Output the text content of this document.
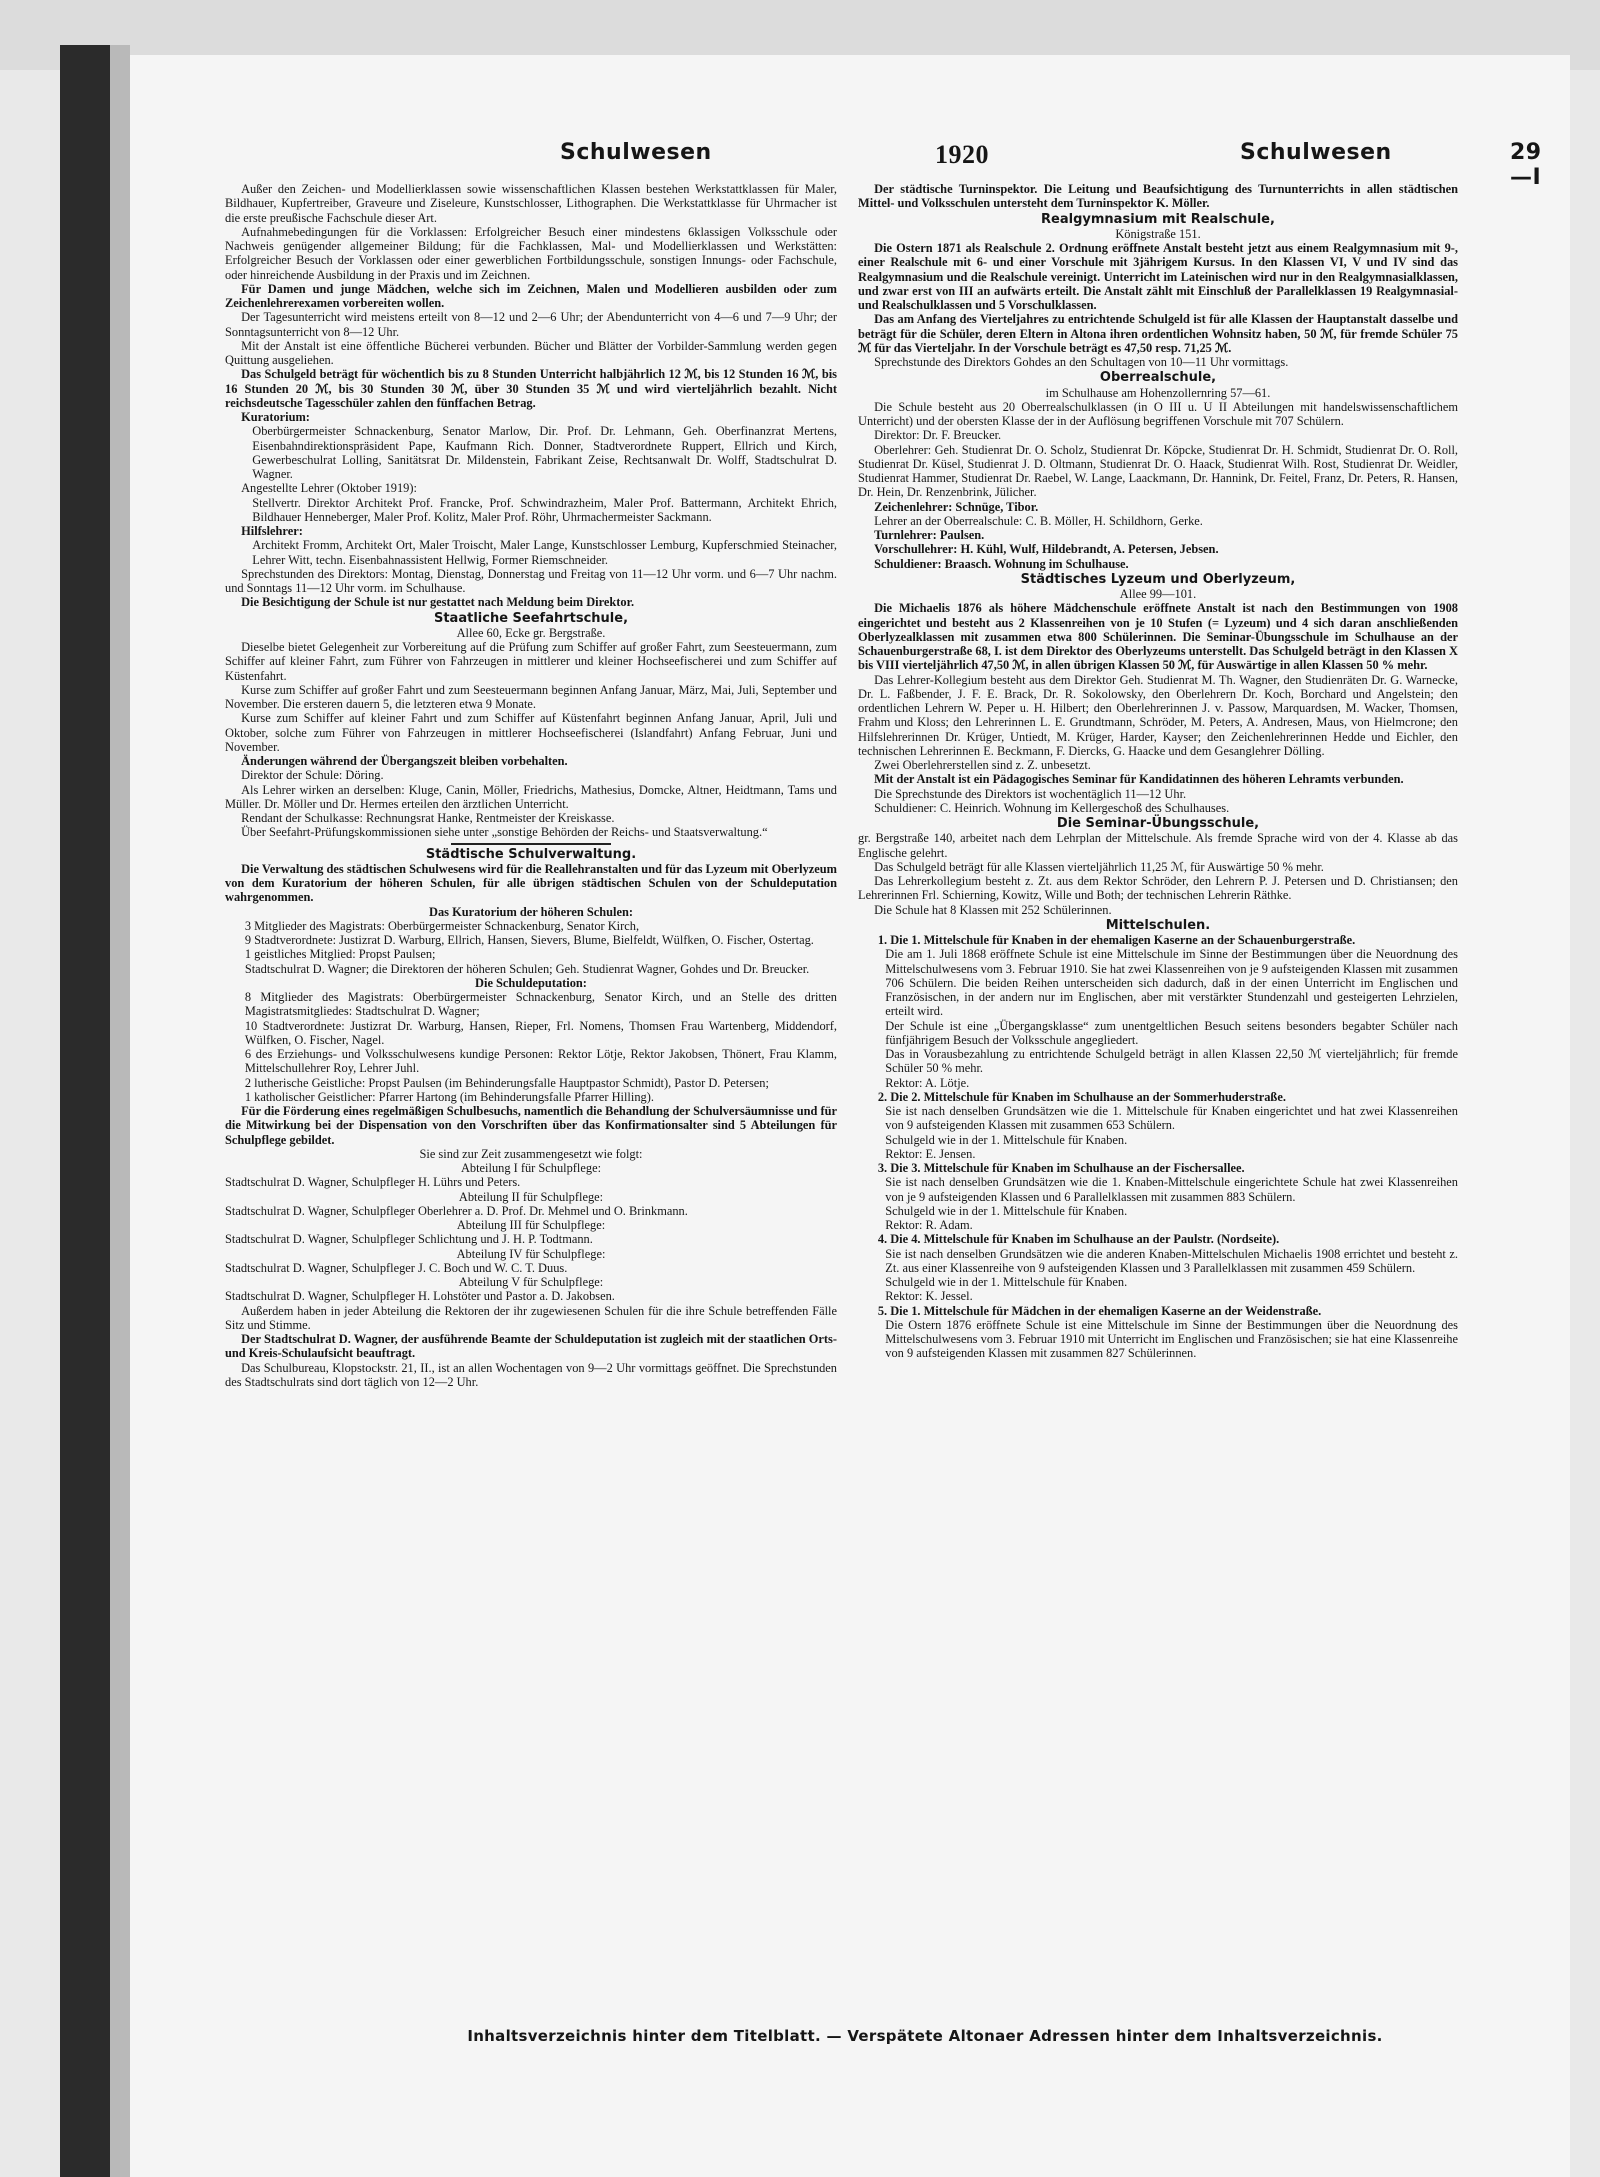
Schulwesen	1920	Schulwesen	29—I

Außer den Zeichen- und Modellierklassen sowie wissenschaftlichen Klassen bestehen Werkstattklassen für Maler, Bildhauer, Kupfertreiber, Graveure und Ziseleure, Kunstschlosser, Lithographen. Die Werkstattklasse für Uhrmacher ist die erste preußische Fachschule dieser Art.

Aufnahmebedingungen für die Vorklassen: Erfolgreicher Besuch einer mindestens 6klassigen Volksschule oder Nachweis genügender allgemeiner Bildung; für die Fachklassen, Mal- und Modellierklassen und Werkstätten: Erfolgreicher Besuch der Vorklassen oder einer gewerblichen Fortbildungsschule, sonstigen Innungs- oder Fachschule, oder hinreichende Ausbildung in der Praxis und im Zeichnen.

Für Damen und junge Mädchen, welche sich im Zeichnen, Malen und Modellieren ausbilden oder zum Zeichenlehrerexamen vorbereiten wollen.

Der Tagesunterricht wird meistens erteilt von 8—12 und 2—6 Uhr; der Abendunterricht von 4—6 und 7—9 Uhr; der Sonntagsunterricht von 8—12 Uhr.

Mit der Anstalt ist eine öffentliche Bücherei verbunden. Bücher und Blätter der Vorbilder-Sammlung werden gegen Quittung ausgeliehen.

Das Schulgeld beträgt für wöchentlich bis zu 8 Stunden Unterricht halbjährlich 12 ℳ, bis 12 Stunden 16 ℳ, bis 16 Stunden 20 ℳ, bis 30 Stunden 30 ℳ, über 30 Stunden 35 ℳ und wird vierteljährlich bezahlt. Nicht reichsdeutsche Tagesschüler zahlen den fünffachen Betrag.

Kuratorium:

Oberbürgermeister Schnackenburg, Senator Marlow, Dir. Prof. Dr. Lehmann, Geh. Oberfinanzrat Mertens, Eisenbahndirektionspräsident Pape, Kaufmann Rich. Donner, Stadtverordnete Ruppert, Ellrich und Kirch, Gewerbeschulrat Lolling, Sanitätsrat Dr. Mildenstein, Fabrikant Zeise, Rechtsanwalt Dr. Wolff, Stadtschulrat D. Wagner.

Angestellte Lehrer (Oktober 1919):

Stellvertr. Direktor Architekt Prof. Francke, Prof. Schwindrazheim, Maler Prof. Battermann, Architekt Ehrich, Bildhauer Henneberger, Maler Prof. Kolitz, Maler Prof. Röhr, Uhrmachermeister Sackmann.

Hilfslehrer:

Architekt Fromm, Architekt Ort, Maler Troischt, Maler Lange, Kunstschlosser Lemburg, Kupferschmied Steinacher, Lehrer Witt, techn. Eisenbahnassistent Hellwig, Former Riemschneider.

Sprechstunden des Direktors: Montag, Dienstag, Donnerstag und Freitag von 11—12 Uhr vorm. und 6—7 Uhr nachm. und Sonntags 11—12 Uhr vorm. im Schulhause.

Die Besichtigung der Schule ist nur gestattet nach Meldung beim Direktor.

Staatliche Seefahrtschule,

Allee 60, Ecke gr. Bergstraße.

Dieselbe bietet Gelegenheit zur Vorbereitung auf die Prüfung zum Schiffer auf großer Fahrt, zum Seesteuermann, zum Schiffer auf kleiner Fahrt, zum Führer von Fahrzeugen in mittlerer und kleiner Hochseefischerei und zum Schiffer auf Küstenfahrt.

Kurse zum Schiffer auf großer Fahrt und zum Seesteuermann beginnen Anfang Januar, März, Mai, Juli, September und November. Die ersteren dauern 5, die letzteren etwa 9 Monate.

Kurse zum Schiffer auf kleiner Fahrt und zum Schiffer auf Küstenfahrt beginnen Anfang Januar, April, Juli und Oktober, solche zum Führer von Fahrzeugen in mittlerer Hochseefischerei (Islandfahrt) Anfang Februar, Juni und November.

Änderungen während der Übergangszeit bleiben vorbehalten.

Direktor der Schule: Döring.

Als Lehrer wirken an derselben: Kluge, Canin, Möller, Friedrichs, Mathesius, Domcke, Altner, Heidtmann, Tams und Müller. Dr. Möller und Dr. Hermes erteilen den ärztlichen Unterricht.

Rendant der Schulkasse: Rechnungsrat Hanke, Rentmeister der Kreiskasse.

Über Seefahrt-Prüfungskommissionen siehe unter „sonstige Behörden der Reichs- und Staatsverwaltung.“

Städtische Schulverwaltung.

Die Verwaltung des städtischen Schulwesens wird für die Reallehranstalten und für das Lyzeum mit Oberlyzeum von dem Kuratorium der höheren Schulen, für alle übrigen städtischen Schulen von der Schuldeputation wahrgenommen.

Das Kuratorium der höheren Schulen:

3 Mitglieder des Magistrats: Oberbürgermeister Schnackenburg, Senator Kirch,

9 Stadtverordnete: Justizrat D. Warburg, Ellrich, Hansen, Sievers, Blume, Bielfeldt, Wülfken, O. Fischer, Ostertag.

1 geistliches Mitglied: Propst Paulsen;

Stadtschulrat D. Wagner; die Direktoren der höheren Schulen; Geh. Studienrat Wagner, Gohdes und Dr. Breucker.

Die Schuldeputation:

8 Mitglieder des Magistrats: Oberbürgermeister Schnackenburg, Senator Kirch, und an Stelle des dritten Magistratsmitgliedes: Stadtschulrat D. Wagner;

10 Stadtverordnete: Justizrat Dr. Warburg, Hansen, Rieper, Frl. Nomens, Thomsen Frau Wartenberg, Middendorf, Wülfken, O. Fischer, Nagel.

6 des Erziehungs- und Volksschulwesens kundige Personen: Rektor Lötje, Rektor Jakobsen, Thönert, Frau Klamm, Mittelschullehrer Roy, Lehrer Juhl.

2 lutherische Geistliche: Propst Paulsen (im Behinderungsfalle Hauptpastor Schmidt), Pastor D. Petersen;

1 katholischer Geistlicher: Pfarrer Hartong (im Behinderungsfalle Pfarrer Hilling).

Für die Förderung eines regelmäßigen Schulbesuchs, namentlich die Behandlung der Schulversäumnisse und für die Mitwirkung bei der Dispensation von den Vorschriften über das Konfirmationsalter sind 5 Abteilungen für Schulpflege gebildet.

Sie sind zur Zeit zusammengesetzt wie folgt:

Abteilung I für Schulpflege:

Stadtschulrat D. Wagner, Schulpfleger H. Lührs und Peters.

Abteilung II für Schulpflege:

Stadtschulrat D. Wagner, Schulpfleger Oberlehrer a. D. Prof. Dr. Mehmel und O. Brinkmann.

Abteilung III für Schulpflege:

Stadtschulrat D. Wagner, Schulpfleger Schlichtung und J. H. P. Todtmann.

Abteilung IV für Schulpflege:

Stadtschulrat D. Wagner, Schulpfleger J. C. Boch und W. C. T. Duus.

Abteilung V für Schulpflege:

Stadtschulrat D. Wagner, Schulpfleger H. Lohstöter und Pastor a. D. Jakobsen.

Außerdem haben in jeder Abteilung die Rektoren der ihr zugewiesenen Schulen für die ihre Schule betreffenden Fälle Sitz und Stimme.

Der Stadtschulrat D. Wagner, der ausführende Beamte der Schuldeputation ist zugleich mit der staatlichen Orts- und Kreis-Schulaufsicht beauftragt.

Das Schulbureau, Klopstockstr. 21, II., ist an allen Wochentagen von 9—2 Uhr vormittags geöffnet. Die Sprechstunden des Stadtschulrats sind dort täglich von 12—2 Uhr.

Der städtische Turninspektor. Die Leitung und Beaufsichtigung des Turnunterrichts in allen städtischen Mittel- und Volksschulen untersteht dem Turninspektor K. Möller.

Realgymnasium mit Realschule,

Königstraße 151.

Die Ostern 1871 als Realschule 2. Ordnung eröffnete Anstalt besteht jetzt aus einem Realgymnasium mit 9-, einer Realschule mit 6- und einer Vorschule mit 3jährigem Kursus. In den Klassen VI, V und IV sind das Realgymnasium und die Realschule vereinigt. Unterricht im Lateinischen wird nur in den Realgymnasialklassen, und zwar erst von III an aufwärts erteilt. Die Anstalt zählt mit Einschluß der Parallelklassen 19 Realgymnasial- und Realschulklassen und 5 Vorschulklassen.

Das am Anfang des Vierteljahres zu entrichtende Schulgeld ist für alle Klassen der Hauptanstalt dasselbe und beträgt für die Schüler, deren Eltern in Altona ihren ordentlichen Wohnsitz haben, 50 ℳ, für fremde Schüler 75 ℳ für das Vierteljahr. In der Vorschule beträgt es 47,50 resp. 71,25 ℳ.

Sprechstunde des Direktors Gohdes an den Schultagen von 10—11 Uhr vormittags.

Oberrealschule,

im Schulhause am Hohenzollernring 57—61.

Die Schule besteht aus 20 Oberrealschulklassen (in O III u. U II Abteilungen mit handelswissenschaftlichem Unterricht) und der obersten Klasse der in der Auflösung begriffenen Vorschule mit 707 Schülern.

Direktor: Dr. F. Breucker.

Oberlehrer: Geh. Studienrat Dr. O. Scholz, Studienrat Dr. Köpcke, Studienrat Dr. H. Schmidt, Studienrat Dr. O. Roll, Studienrat Dr. Küsel, Studienrat J. D. Oltmann, Studienrat Dr. O. Haack, Studienrat Wilh. Rost, Studienrat Dr. Weidler, Studienrat Hammer, Studienrat Dr. Raebel, W. Lange, Laackmann, Dr. Hannink, Dr. Feitel, Franz, Dr. Peters, R. Hansen, Dr. Hein, Dr. Renzenbrink, Jülicher.

Zeichenlehrer: Schnüge, Tibor.

Lehrer an der Oberrealschule: C. B. Möller, H. Schildhorn, Gerke.

Turnlehrer: Paulsen.

Vorschullehrer: H. Kühl, Wulf, Hildebrandt, A. Petersen, Jebsen.

Schuldiener: Braasch. Wohnung im Schulhause.

Städtisches Lyzeum und Oberlyzeum,

Allee 99—101.

Die Michaelis 1876 als höhere Mädchenschule eröffnete Anstalt ist nach den Bestimmungen von 1908 eingerichtet und besteht aus 2 Klassenreihen von je 10 Stufen (= Lyzeum) und 4 sich daran anschließenden Oberlyzealklassen mit zusammen etwa 800 Schülerinnen. Die Seminar-Übungsschule im Schulhause an der Schauenburgerstraße 68, I. ist dem Direktor des Oberlyzeums unterstellt. Das Schulgeld beträgt in den Klassen X bis VIII vierteljährlich 47,50 ℳ, in allen übrigen Klassen 50 ℳ, für Auswärtige in allen Klassen 50 % mehr.

Das Lehrer-Kollegium besteht aus dem Direktor Geh. Studienrat M. Th. Wagner, den Studienräten Dr. G. Warnecke, Dr. L. Faßbender, J. F. E. Brack, Dr. R. Sokolowsky, den Oberlehrern Dr. Koch, Borchard und Angelstein; den ordentlichen Lehrern W. Peper u. H. Hilbert; den Oberlehrerinnen J. v. Passow, Marquardsen, M. Wacker, Thomsen, Frahm und Kloss; den Lehrerinnen L. E. Grundtmann, Schröder, M. Peters, A. Andresen, Maus, von Hielmcrone; den Hilfslehrerinnen Dr. Krüger, Untiedt, M. Krüger, Harder, Kayser; den Zeichenlehrerinnen Hedde und Eichler, den technischen Lehrerinnen E. Beckmann, F. Diercks, G. Haacke und dem Gesanglehrer Dölling.

Zwei Oberlehrerstellen sind z. Z. unbesetzt.

Mit der Anstalt ist ein Pädagogisches Seminar für Kandidatinnen des höheren Lehramts verbunden.

Die Sprechstunde des Direktors ist wochentäglich 11—12 Uhr.

Schuldiener: C. Heinrich. Wohnung im Kellergeschoß des Schulhauses.

Die Seminar-Übungsschule,

gr. Bergstraße 140, arbeitet nach dem Lehrplan der Mittelschule. Als fremde Sprache wird von der 4. Klasse ab das Englische gelehrt.

Das Schulgeld beträgt für alle Klassen vierteljährlich 11,25 ℳ, für Auswärtige 50 % mehr.

Das Lehrerkollegium besteht z. Zt. aus dem Rektor Schröder, den Lehrern P. J. Petersen und D. Christiansen; den Lehrerinnen Frl. Schierning, Kowitz, Wille und Both; der technischen Lehrerin Räthke.

Die Schule hat 8 Klassen mit 252 Schülerinnen.

Mittelschulen.

1. Die 1. Mittelschule für Knaben in der ehemaligen Kaserne an der Schauenburgerstraße.

Die am 1. Juli 1868 eröffnete Schule ist eine Mittelschule im Sinne der Bestimmungen über die Neuordnung des Mittelschulwesens vom 3. Februar 1910. Sie hat zwei Klassenreihen von je 9 aufsteigenden Klassen mit zusammen 706 Schülern. Die beiden Reihen unterscheiden sich dadurch, daß in der einen Unterricht im Englischen und Französischen, in der andern nur im Englischen, aber mit verstärkter Stundenzahl und gesteigerten Lehrzielen, erteilt wird.

Der Schule ist eine „Übergangsklasse“ zum unentgeltlichen Besuch seitens besonders begabter Schüler nach fünfjährigem Besuch der Volksschule angegliedert.

Das in Vorausbezahlung zu entrichtende Schulgeld beträgt in allen Klassen 22,50 ℳ vierteljährlich; für fremde Schüler 50 % mehr.

Rektor: A. Lötje.

2. Die 2. Mittelschule für Knaben im Schulhause an der Sommerhuderstraße.

Sie ist nach denselben Grundsätzen wie die 1. Mittelschule für Knaben eingerichtet und hat zwei Klassenreihen von 9 aufsteigenden Klassen mit zusammen 653 Schülern.

Schulgeld wie in der 1. Mittelschule für Knaben.

Rektor: E. Jensen.

3. Die 3. Mittelschule für Knaben im Schulhause an der Fischersallee.

Sie ist nach denselben Grundsätzen wie die 1. Knaben-Mittelschule eingerichtete Schule hat zwei Klassenreihen von je 9 aufsteigenden Klassen und 6 Parallelklassen mit zusammen 883 Schülern.

Schulgeld wie in der 1. Mittelschule für Knaben.

Rektor: R. Adam.

4. Die 4. Mittelschule für Knaben im Schulhause an der Paulstr. (Nordseite).

Sie ist nach denselben Grundsätzen wie die anderen Knaben-Mittelschulen Michaelis 1908 errichtet und besteht z. Zt. aus einer Klassenreihe von 9 aufsteigenden Klassen und 3 Parallelklassen mit zusammen 459 Schülern.

Schulgeld wie in der 1. Mittelschule für Knaben.

Rektor: K. Jessel.

5. Die 1. Mittelschule für Mädchen in der ehemaligen Kaserne an der Weidenstraße.

Die Ostern 1876 eröffnete Schule ist eine Mittelschule im Sinne der Bestimmungen über die Neuordnung des Mittelschulwesens vom 3. Februar 1910 mit Unterricht im Englischen und Französischen; sie hat eine Klassenreihe von 9 aufsteigenden Klassen mit zusammen 827 Schülerinnen.

Inhaltsverzeichnis hinter dem Titelblatt. — Verspätete Altonaer Adressen hinter dem Inhaltsverzeichnis.
